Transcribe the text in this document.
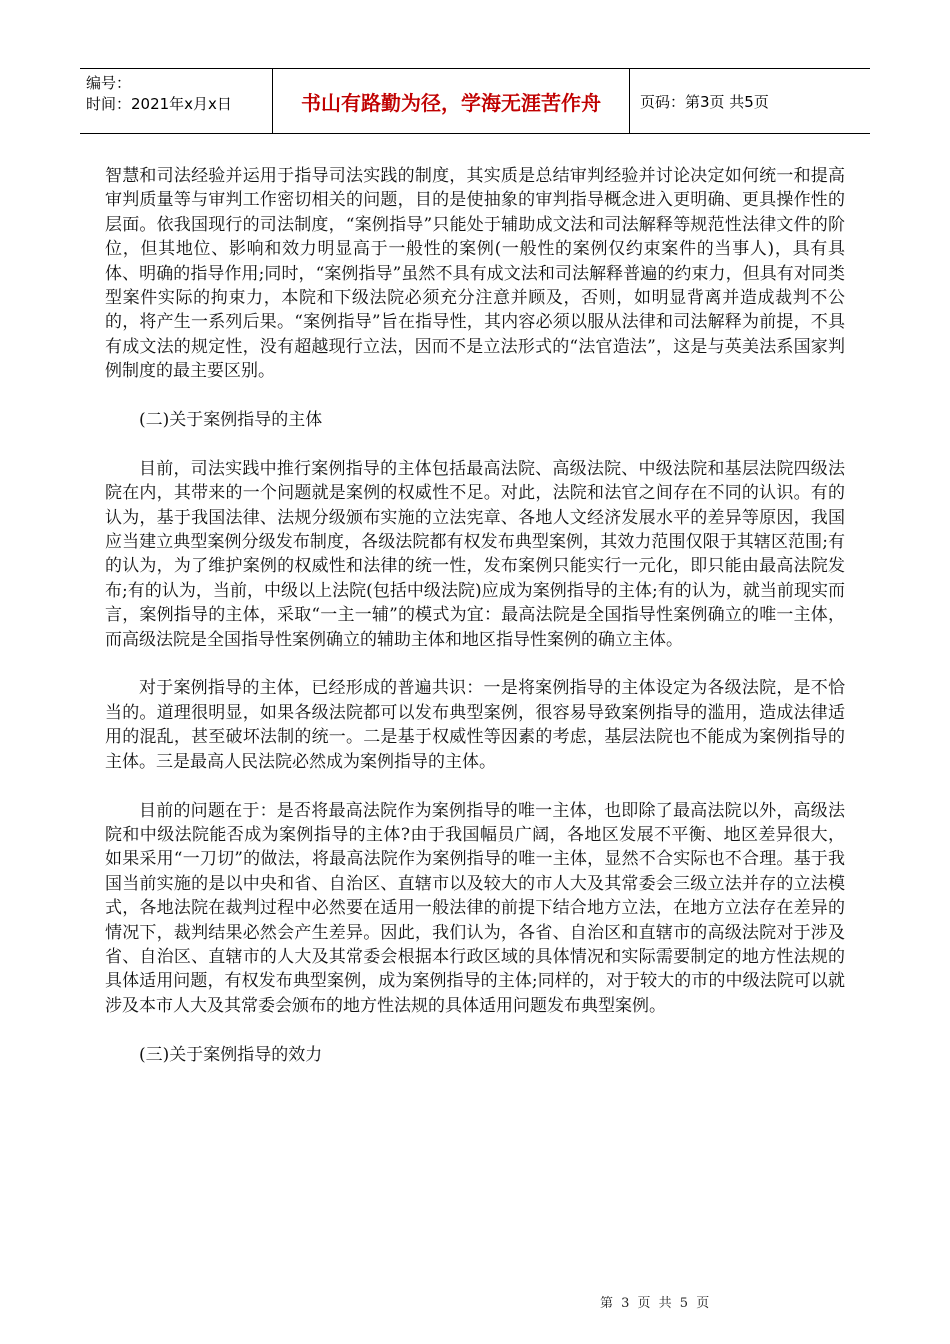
编号：
时间：2021年x月x日	书山有路勤为径，学海无涯苦作舟	页码：第3页 共5页

智慧和司法经验并运用于指导司法实践的制度，其实质是总结审判经验并讨论决定如何统一和提高审判质量等与审判工作密切相关的问题，目的是使抽象的审判指导概念进入更明确、更具操作性的层面。依我国现行的司法制度，“案例指导”只能处于辅助成文法和司法解释等规范性法律文件的阶位，但其地位、影响和效力明显高于一般性的案例(一般性的案例仅约束案件的当事人)，具有具体、明确的指导作用;同时，“案例指导”虽然不具有成文法和司法解释普遍的约束力，但具有对同类型案件实际的拘束力，本院和下级法院必须充分注意并顾及，否则，如明显背离并造成裁判不公的，将产生一系列后果。“案例指导”旨在指导性，其内容必须以服从法律和司法解释为前提，不具有成文法的规定性，没有超越现行立法，因而不是立法形式的“法官造法”，这是与英美法系国家判例制度的最主要区别。

(二)关于案例指导的主体

目前，司法实践中推行案例指导的主体包括最高法院、高级法院、中级法院和基层法院四级法院在内，其带来的一个问题就是案例的权威性不足。对此，法院和法官之间存在不同的认识。有的认为，基于我国法律、法规分级颁布实施的立法宪章、各地人文经济发展水平的差异等原因，我国应当建立典型案例分级发布制度，各级法院都有权发布典型案例，其效力范围仅限于其辖区范围;有的认为，为了维护案例的权威性和法律的统一性，发布案例只能实行一元化，即只能由最高法院发布;有的认为，当前，中级以上法院(包括中级法院)应成为案例指导的主体;有的认为，就当前现实而言，案例指导的主体，采取“一主一辅”的模式为宜：最高法院是全国指导性案例确立的唯一主体，而高级法院是全国指导性案例确立的辅助主体和地区指导性案例的确立主体。

对于案例指导的主体，已经形成的普遍共识：一是将案例指导的主体设定为各级法院，是不恰当的。道理很明显，如果各级法院都可以发布典型案例，很容易导致案例指导的滥用，造成法律适用的混乱，甚至破坏法制的统一。二是基于权威性等因素的考虑，基层法院也不能成为案例指导的主体。三是最高人民法院必然成为案例指导的主体。

目前的问题在于：是否将最高法院作为案例指导的唯一主体，也即除了最高法院以外，高级法院和中级法院能否成为案例指导的主体?由于我国幅员广阔，各地区发展不平衡、地区差异很大，如果采用“一刀切”的做法，将最高法院作为案例指导的唯一主体，显然不合实际也不合理。基于我国当前实施的是以中央和省、自治区、直辖市以及较大的市人大及其常委会三级立法并存的立法模式，各地法院在裁判过程中必然要在适用一般法律的前提下结合地方立法，在地方立法存在差异的情况下，裁判结果必然会产生差异。因此，我们认为，各省、自治区和直辖市的高级法院对于涉及省、自治区、直辖市的人大及其常委会根据本行政区域的具体情况和实际需要制定的地方性法规的具体适用问题，有权发布典型案例，成为案例指导的主体;同样的，对于较大的市的中级法院可以就涉及本市人大及其常委会颁布的地方性法规的具体适用问题发布典型案例。

(三)关于案例指导的效力

第 3 页 共 5 页
